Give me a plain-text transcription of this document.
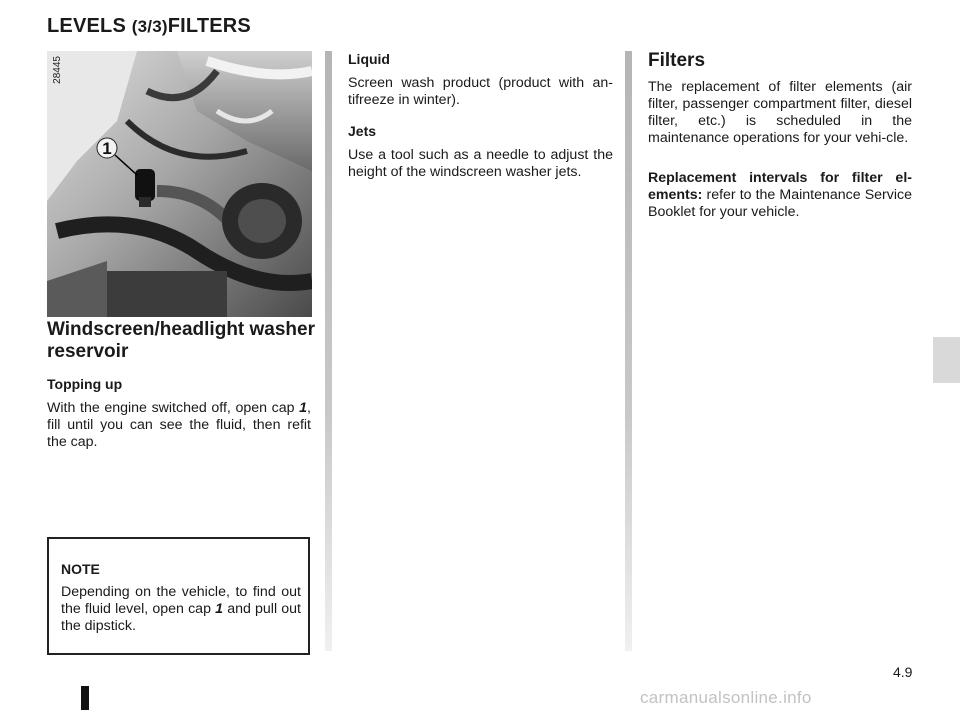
LEVELS (3/3)FILTERS
1
28445
Windscreen/headlight washer reservoir
Topping up

With the engine switched off, open cap 1, fill until you can see the fluid, then refit the cap.

NOTE

Depending on the vehicle, to find out the fluid level, open cap 1 and pull out the dipstick.

Liquid

Screen wash product (product with an-tifreeze in winter).

Jets

Use a tool such as a needle to adjust the height of the windscreen washer jets.

Filters

The replacement of filter elements (air filter, passenger compartment filter, diesel filter, etc.) is scheduled in the maintenance operations for your vehi-cle.

Replacement intervals for filter el-ements: refer to the Maintenance Service Booklet for your vehicle.

4.9
carmanualsonline.info
